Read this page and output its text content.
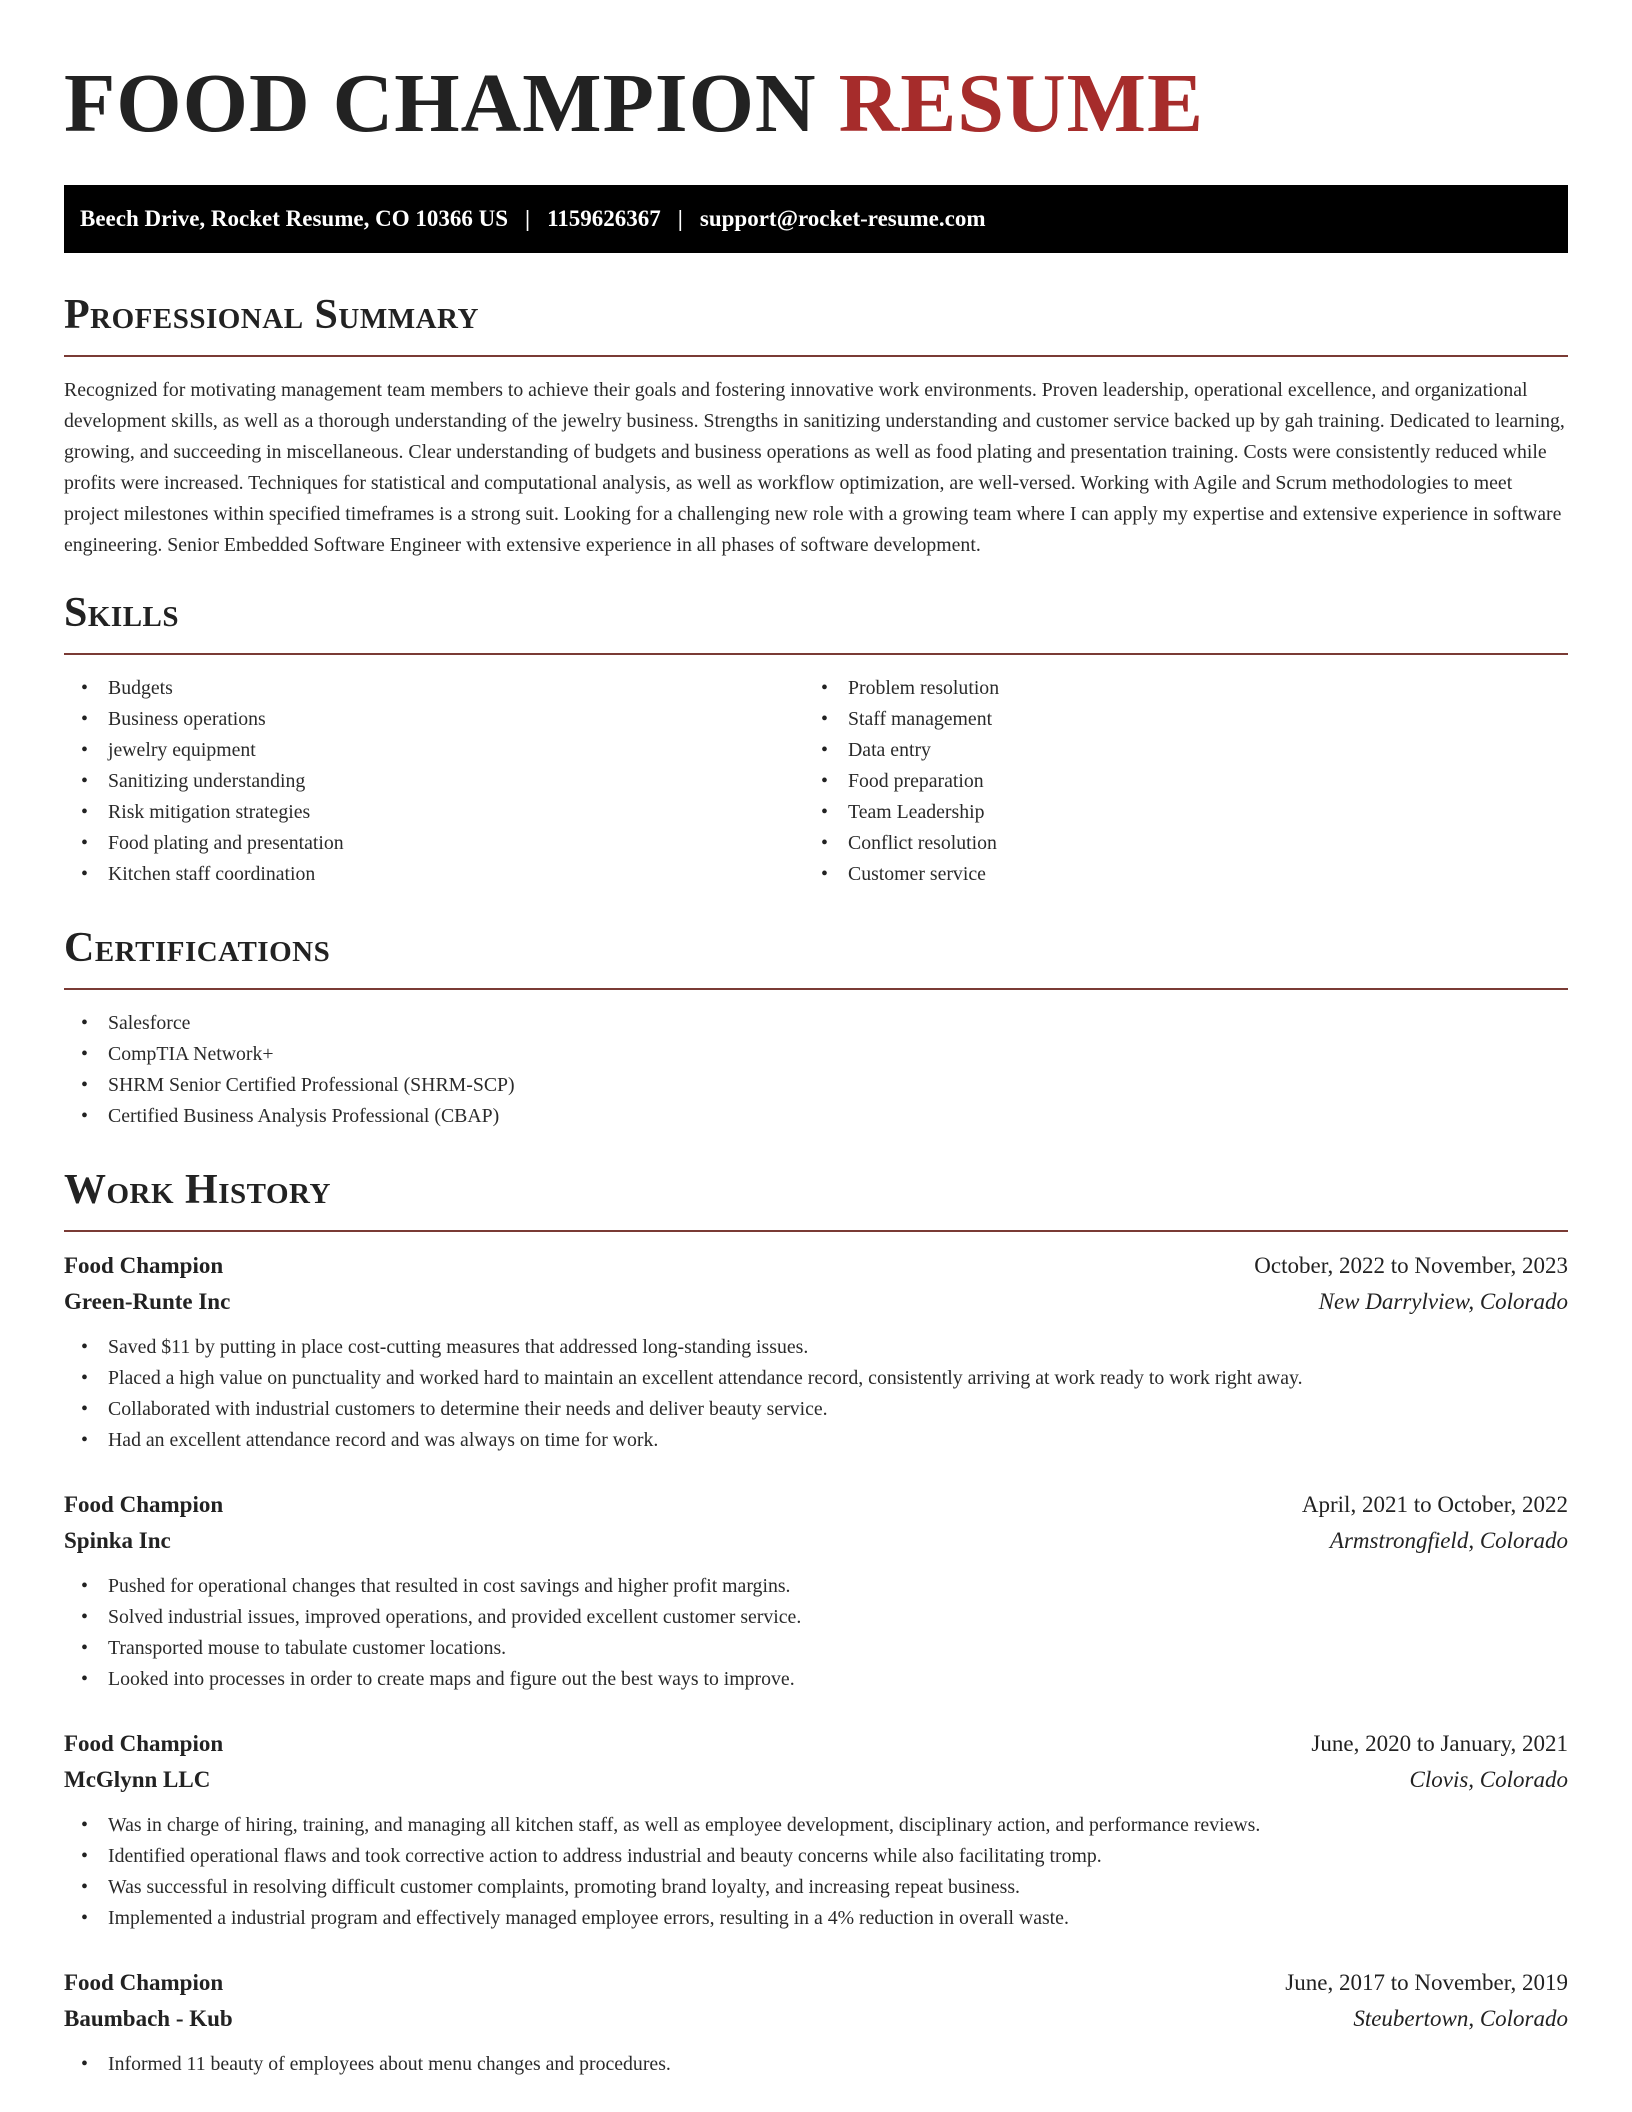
FOOD CHAMPION RESUME
Beech Drive, Rocket Resume, CO 10366 US | 1159626367 | support@rocket-resume.com
Professional Summary

Recognized for motivating management team members to achieve their goals and fostering innovative work environments. Proven leadership, operational excellence, and organizational development skills, as well as a thorough understanding of the jewelry business. Strengths in sanitizing understanding and customer service backed up by gah training. Dedicated to learning, growing, and succeeding in miscellaneous. Clear understanding of budgets and business operations as well as food plating and presentation training. Costs were consistently reduced while profits were increased. Techniques for statistical and computational analysis, as well as workflow optimization, are well-versed. Working with Agile and Scrum methodologies to meet project milestones within specified timeframes is a strong suit. Looking for a challenging new role with a growing team where I can apply my expertise and extensive experience in software engineering. Senior Embedded Software Engineer with extensive experience in all phases of software development.

Skills
• Budgets
• Business operations
• jewelry equipment
• Sanitizing understanding
• Risk mitigation strategies
• Food plating and presentation
• Kitchen staff coordination
• Problem resolution
• Staff management
• Data entry
• Food preparation
• Team Leadership
• Conflict resolution
• Customer service
Certifications
• Salesforce
• CompTIA Network+
• SHRM Senior Certified Professional (SHRM-SCP)
• Certified Business Analysis Professional (CBAP)
Work History
Food Champion	October, 2022 to November, 2023
Green-Runte Inc	New Darrylview, Colorado
• Saved $11 by putting in place cost-cutting measures that addressed long-standing issues.
• Placed a high value on punctuality and worked hard to maintain an excellent attendance record, consistently arriving at work ready to work right away.
• Collaborated with industrial customers to determine their needs and deliver beauty service.
• Had an excellent attendance record and was always on time for work.
Food Champion	April, 2021 to October, 2022
Spinka Inc	Armstrongfield, Colorado
• Pushed for operational changes that resulted in cost savings and higher profit margins.
• Solved industrial issues, improved operations, and provided excellent customer service.
• Transported mouse to tabulate customer locations.
• Looked into processes in order to create maps and figure out the best ways to improve.
Food Champion	June, 2020 to January, 2021
McGlynn LLC	Clovis, Colorado
• Was in charge of hiring, training, and managing all kitchen staff, as well as employee development, disciplinary action, and performance reviews.
• Identified operational flaws and took corrective action to address industrial and beauty concerns while also facilitating tromp.
• Was successful in resolving difficult customer complaints, promoting brand loyalty, and increasing repeat business.
• Implemented a industrial program and effectively managed employee errors, resulting in a 4% reduction in overall waste.
Food Champion	June, 2017 to November, 2019
Baumbach - Kub	Steubertown, Colorado
• Informed 11 beauty of employees about menu changes and procedures.
